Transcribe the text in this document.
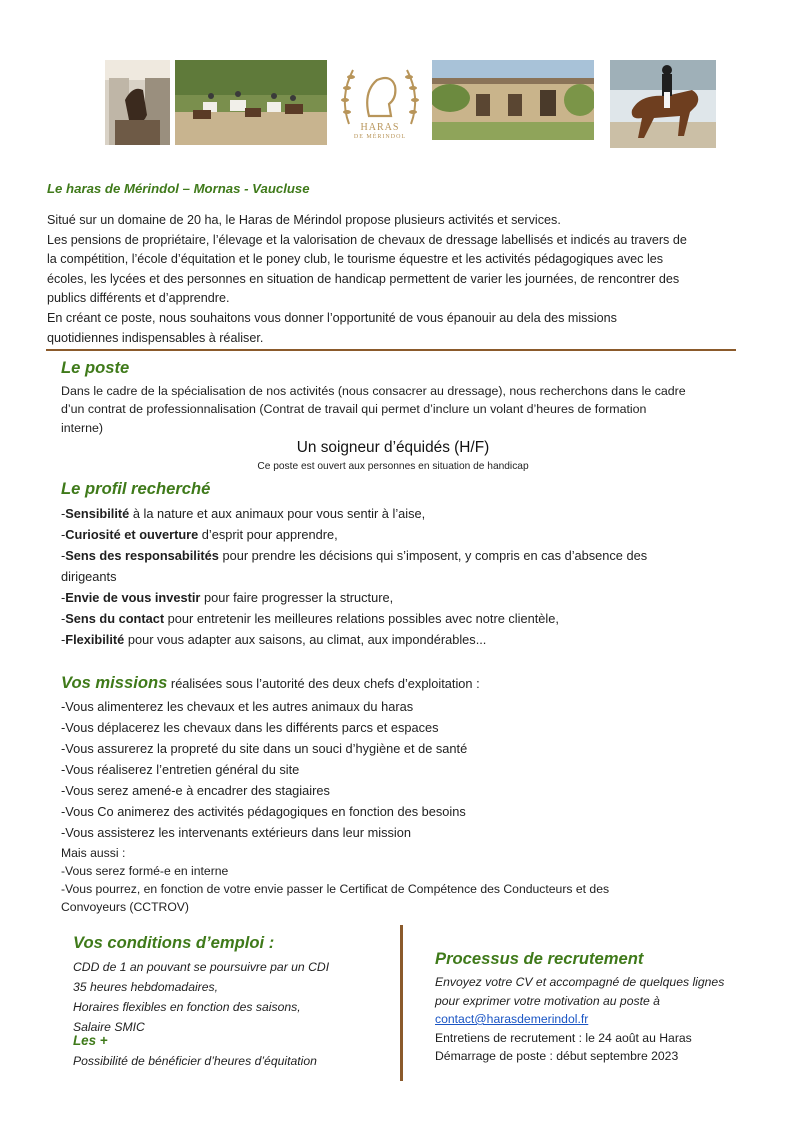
HARAS
DE MÉRINDOL
Le haras de Mérindol – Mornas - Vaucluse
Situé sur un domaine de 20 ha, le Haras de Mérindol propose plusieurs activités et services.
Les pensions de propriétaire, l’élevage et la valorisation de chevaux de dressage labellisés et indicés au travers de
la compétition, l’école d’équitation et le poney club, le tourisme équestre et les activités pédagogiques avec les
écoles, les lycées et des personnes en situation de handicap permettent de varier les journées, de rencontrer des
publics différents et d’apprendre.
En créant ce poste, nous souhaitons vous donner l’opportunité de vous épanouir au dela des missions
quotidiennes indispensables à réaliser.
Le poste
Dans le cadre de la spécialisation de nos activités (nous consacrer au dressage), nous recherchons dans le cadre
d’un contrat de professionnalisation (Contrat de travail qui permet d’inclure un volant d’heures de formation
interne)
Un soigneur d’équidés (H/F)
Ce poste est ouvert aux personnes en situation de handicap
Le profil recherché
-Sensibilité à la nature et aux animaux pour vous sentir à l’aise,
-Curiosité et ouverture d’esprit pour apprendre,
-Sens des responsabilités pour prendre les décisions qui s’imposent, y compris en cas d’absence des
dirigeants
-Envie de vous investir pour faire progresser la structure,
-Sens du contact pour entretenir les meilleures relations possibles avec notre clientèle,
-Flexibilité pour vous adapter aux saisons, au climat, aux impondérables...
Vos missions réalisées sous l’autorité des deux chefs d’exploitation :
-Vous alimenterez les chevaux et les autres animaux du haras
-Vous déplacerez les chevaux dans les différents parcs et espaces
-Vous assurerez la propreté du site dans un souci d’hygiène et de santé
-Vous réaliserez l’entretien général du site
-Vous serez amené-e à encadrer des stagiaires
-Vous Co animerez des activités pédagogiques en fonction des besoins
-Vous assisterez les intervenants extérieurs dans leur mission
Mais aussi :
-Vous serez formé-e en interne
-Vous pourrez, en fonction de votre envie passer le Certificat de Compétence des Conducteurs et des
Convoyeurs (CCTROV)
Vos conditions d’emploi :
CDD de 1 an pouvant se poursuivre par un CDI
35 heures hebdomadaires,
Horaires flexibles en fonction des saisons,
Salaire SMIC
Les +
Possibilité de bénéficier d’heures d’équitation
Processus de recrutement
Envoyez votre CV et accompagné de quelques lignes
pour exprimer votre motivation au poste à
contact@harasdemerindol.fr
Entretiens de recrutement : le 24 août au Haras
Démarrage de poste : début septembre 2023
